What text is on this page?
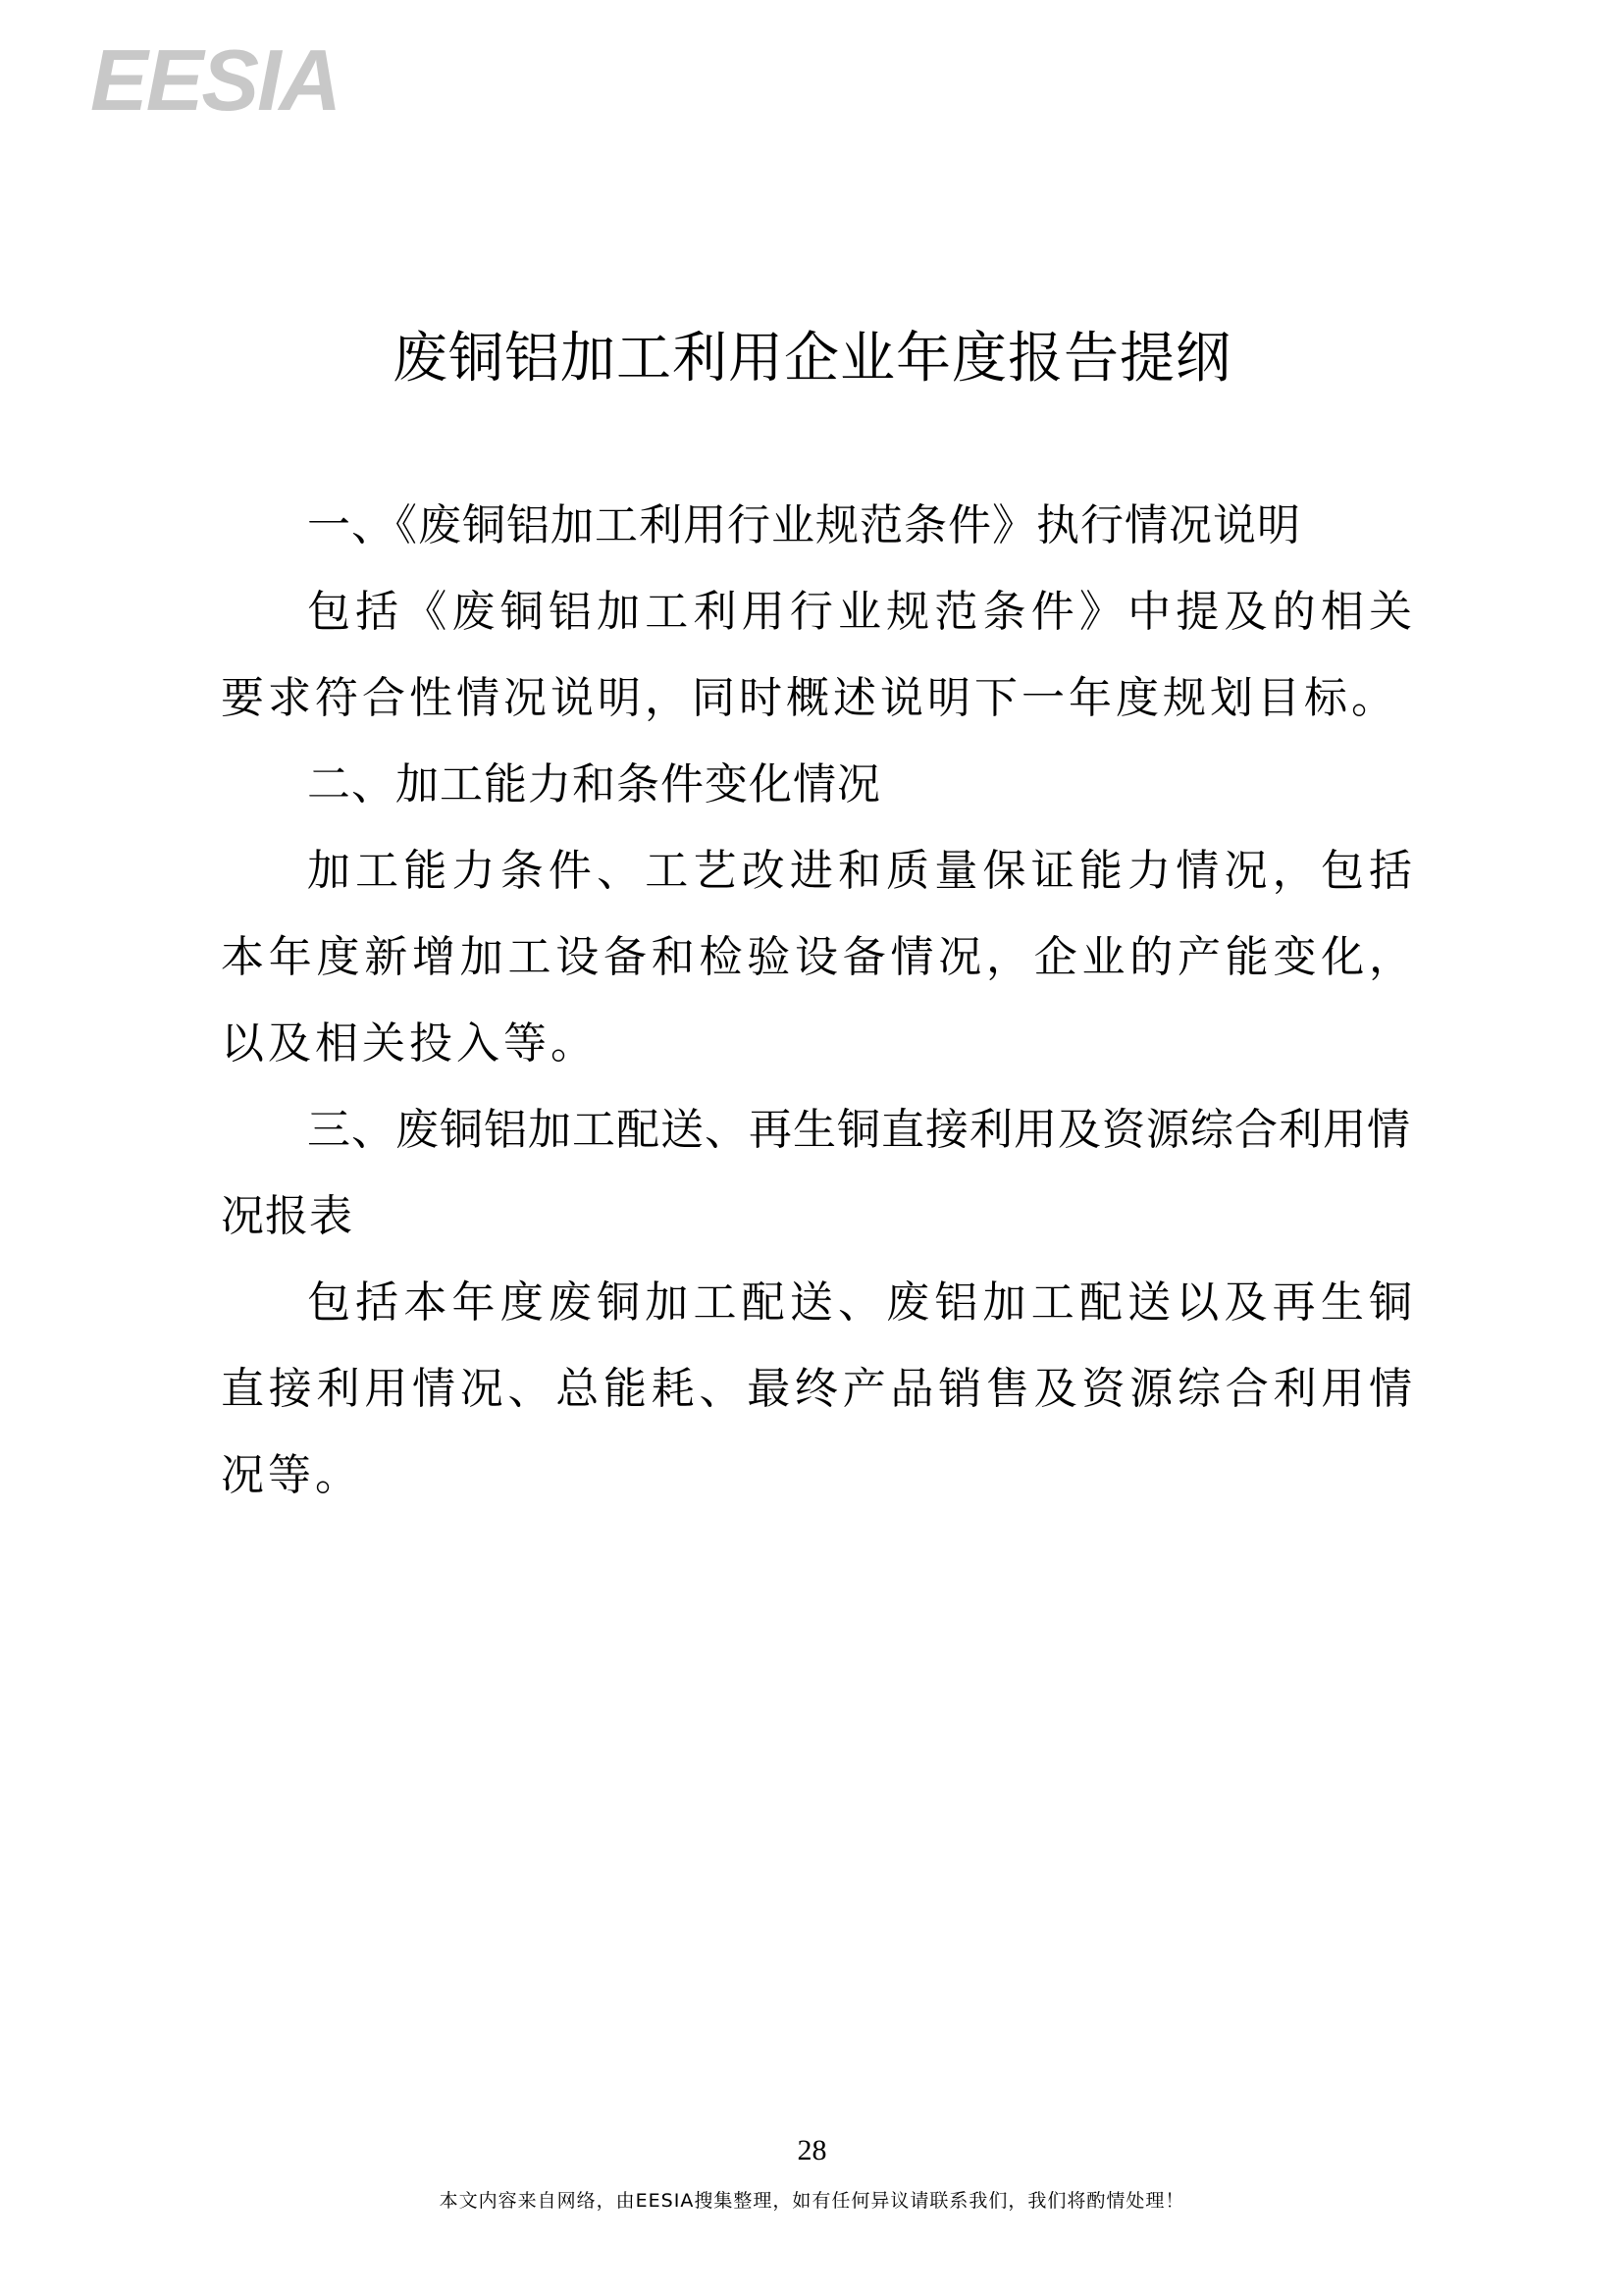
EESIA
废铜铝加工利用企业年度报告提纲
一、《废铜铝加工利用行业规范条件》执行情况说明

包括《废铜铝加工利用行业规范条件》中提及的相关要求符合性情况说明，同时概述说明下一年度规划目标。

二、加工能力和条件变化情况

加工能力条件、工艺改进和质量保证能力情况，包括本年度新增加工设备和检验设备情况，企业的产能变化，以及相关投入等。

三、废铜铝加工配送、再生铜直接利用及资源综合利用情况报表

包括本年度废铜加工配送、废铝加工配送以及再生铜直接利用情况、总能耗、最终产品销售及资源综合利用情况等。

28
本文内容来自网络，由EESIA搜集整理，如有任何异议请联系我们，我们将酌情处理！
